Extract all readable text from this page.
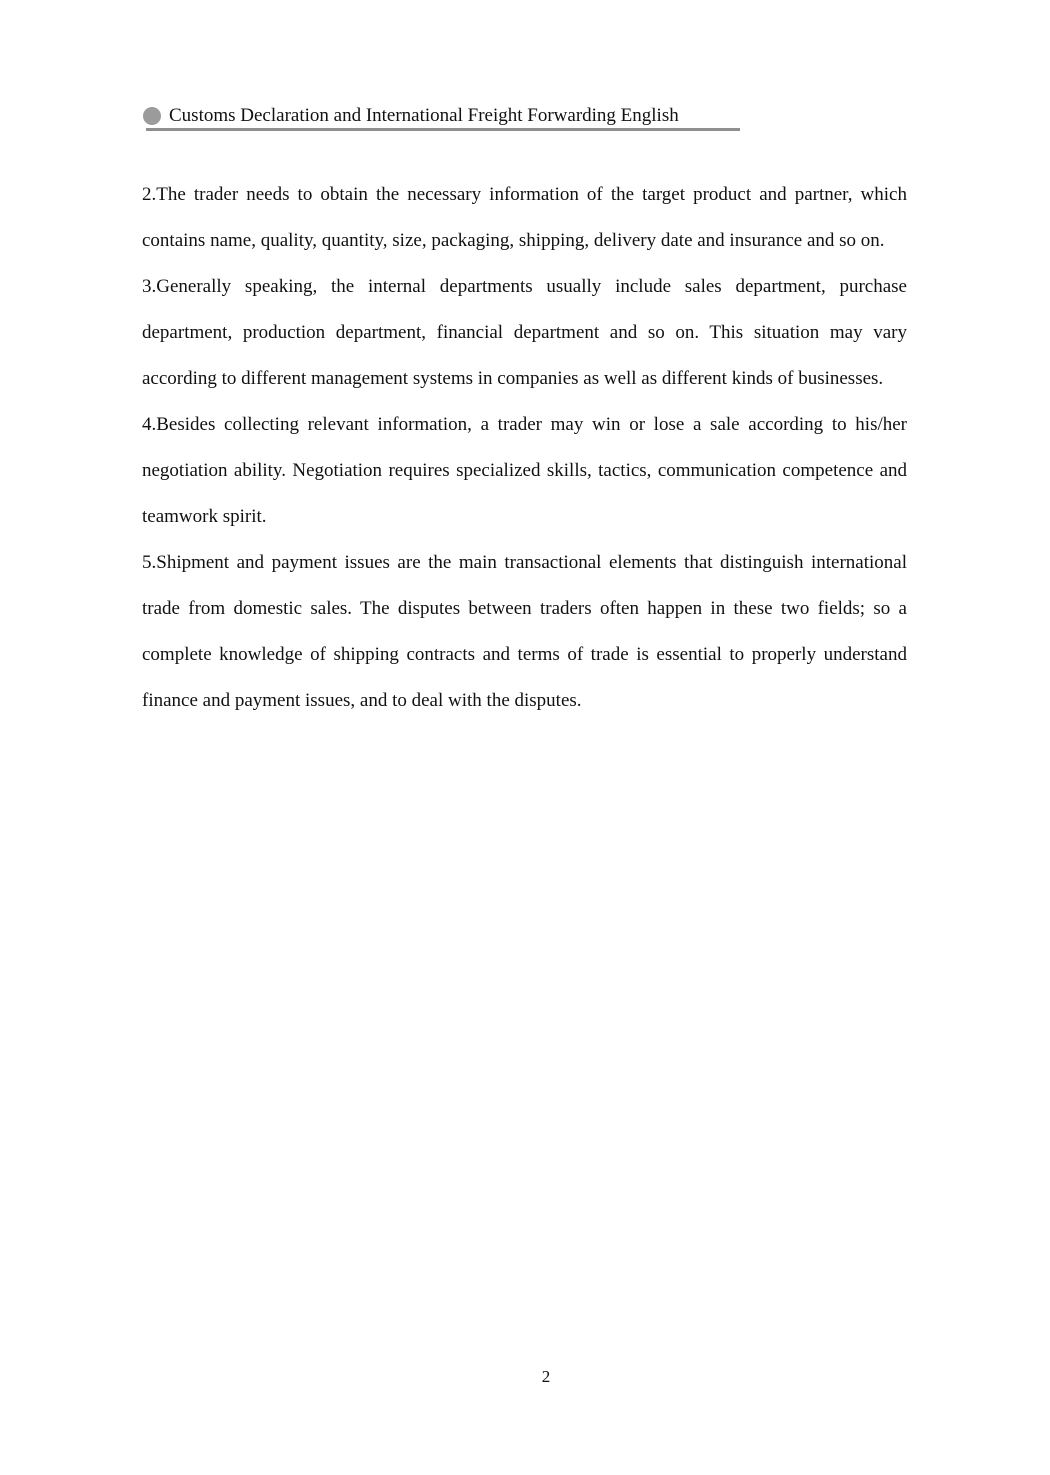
Customs Declaration and International Freight Forwarding English

2.The trader needs to obtain the necessary information of the target product and partner, which contains name, quality, quantity, size, packaging, shipping, delivery date and insurance and so on.

3.Generally speaking, the internal departments usually include sales department, purchase department, production department, financial department and so on. This situation may vary according to different management systems in companies as well as different kinds of businesses.

4.Besides collecting relevant information, a trader may win or lose a sale according to his/her negotiation ability. Negotiation requires specialized skills, tactics, communication competence and teamwork spirit.

5.Shipment and payment issues are the main transactional elements that distinguish international trade from domestic sales. The disputes between traders often happen in these two fields; so a complete knowledge of shipping contracts and terms of trade is essential to properly understand finance and payment issues, and to deal with the disputes.

2
